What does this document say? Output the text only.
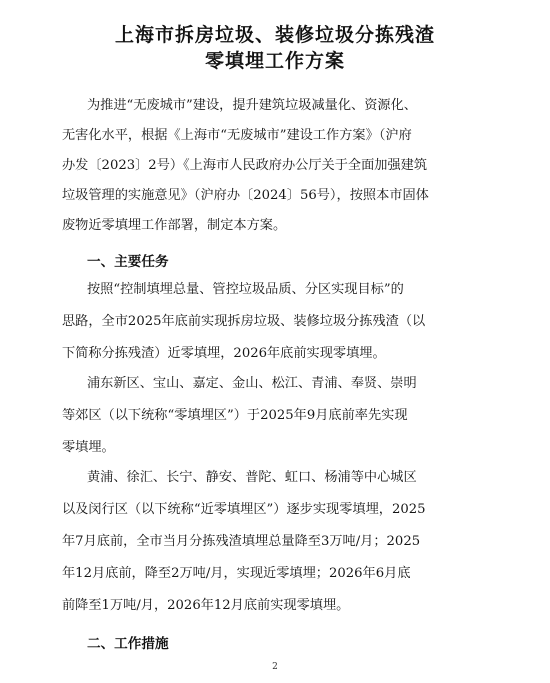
上海市拆房垃圾、装修垃圾分拣残渣
零填埋工作方案
为推进“无废城市”建设，提升建筑垃圾减量化、资源化、
无害化水平，根据《上海市“无废城市”建设工作方案》（沪府
办发〔2023〕2号）《上海市人民政府办公厅关于全面加强建筑
垃圾管理的实施意见》（沪府办〔2024〕56号），按照本市固体
废物近零填埋工作部署，制定本方案。
一、主要任务
按照“控制填埋总量、管控垃圾品质、分区实现目标”的
思路，全市2025年底前实现拆房垃圾、装修垃圾分拣残渣（以
下简称分拣残渣）近零填埋，2026年底前实现零填埋。
浦东新区、宝山、嘉定、金山、松江、青浦、奉贤、崇明
等郊区（以下统称“零填埋区”）于2025年9月底前率先实现
零填埋。
黄浦、徐汇、长宁、静安、普陀、虹口、杨浦等中心城区
以及闵行区（以下统称“近零填埋区”）逐步实现零填埋，2025
年7月底前，全市当月分拣残渣填埋总量降至3万吨/月；2025
年12月底前，降至2万吨/月，实现近零填埋；2026年6月底
前降至1万吨/月，2026年12月底前实现零填埋。
2
二、工作措施
